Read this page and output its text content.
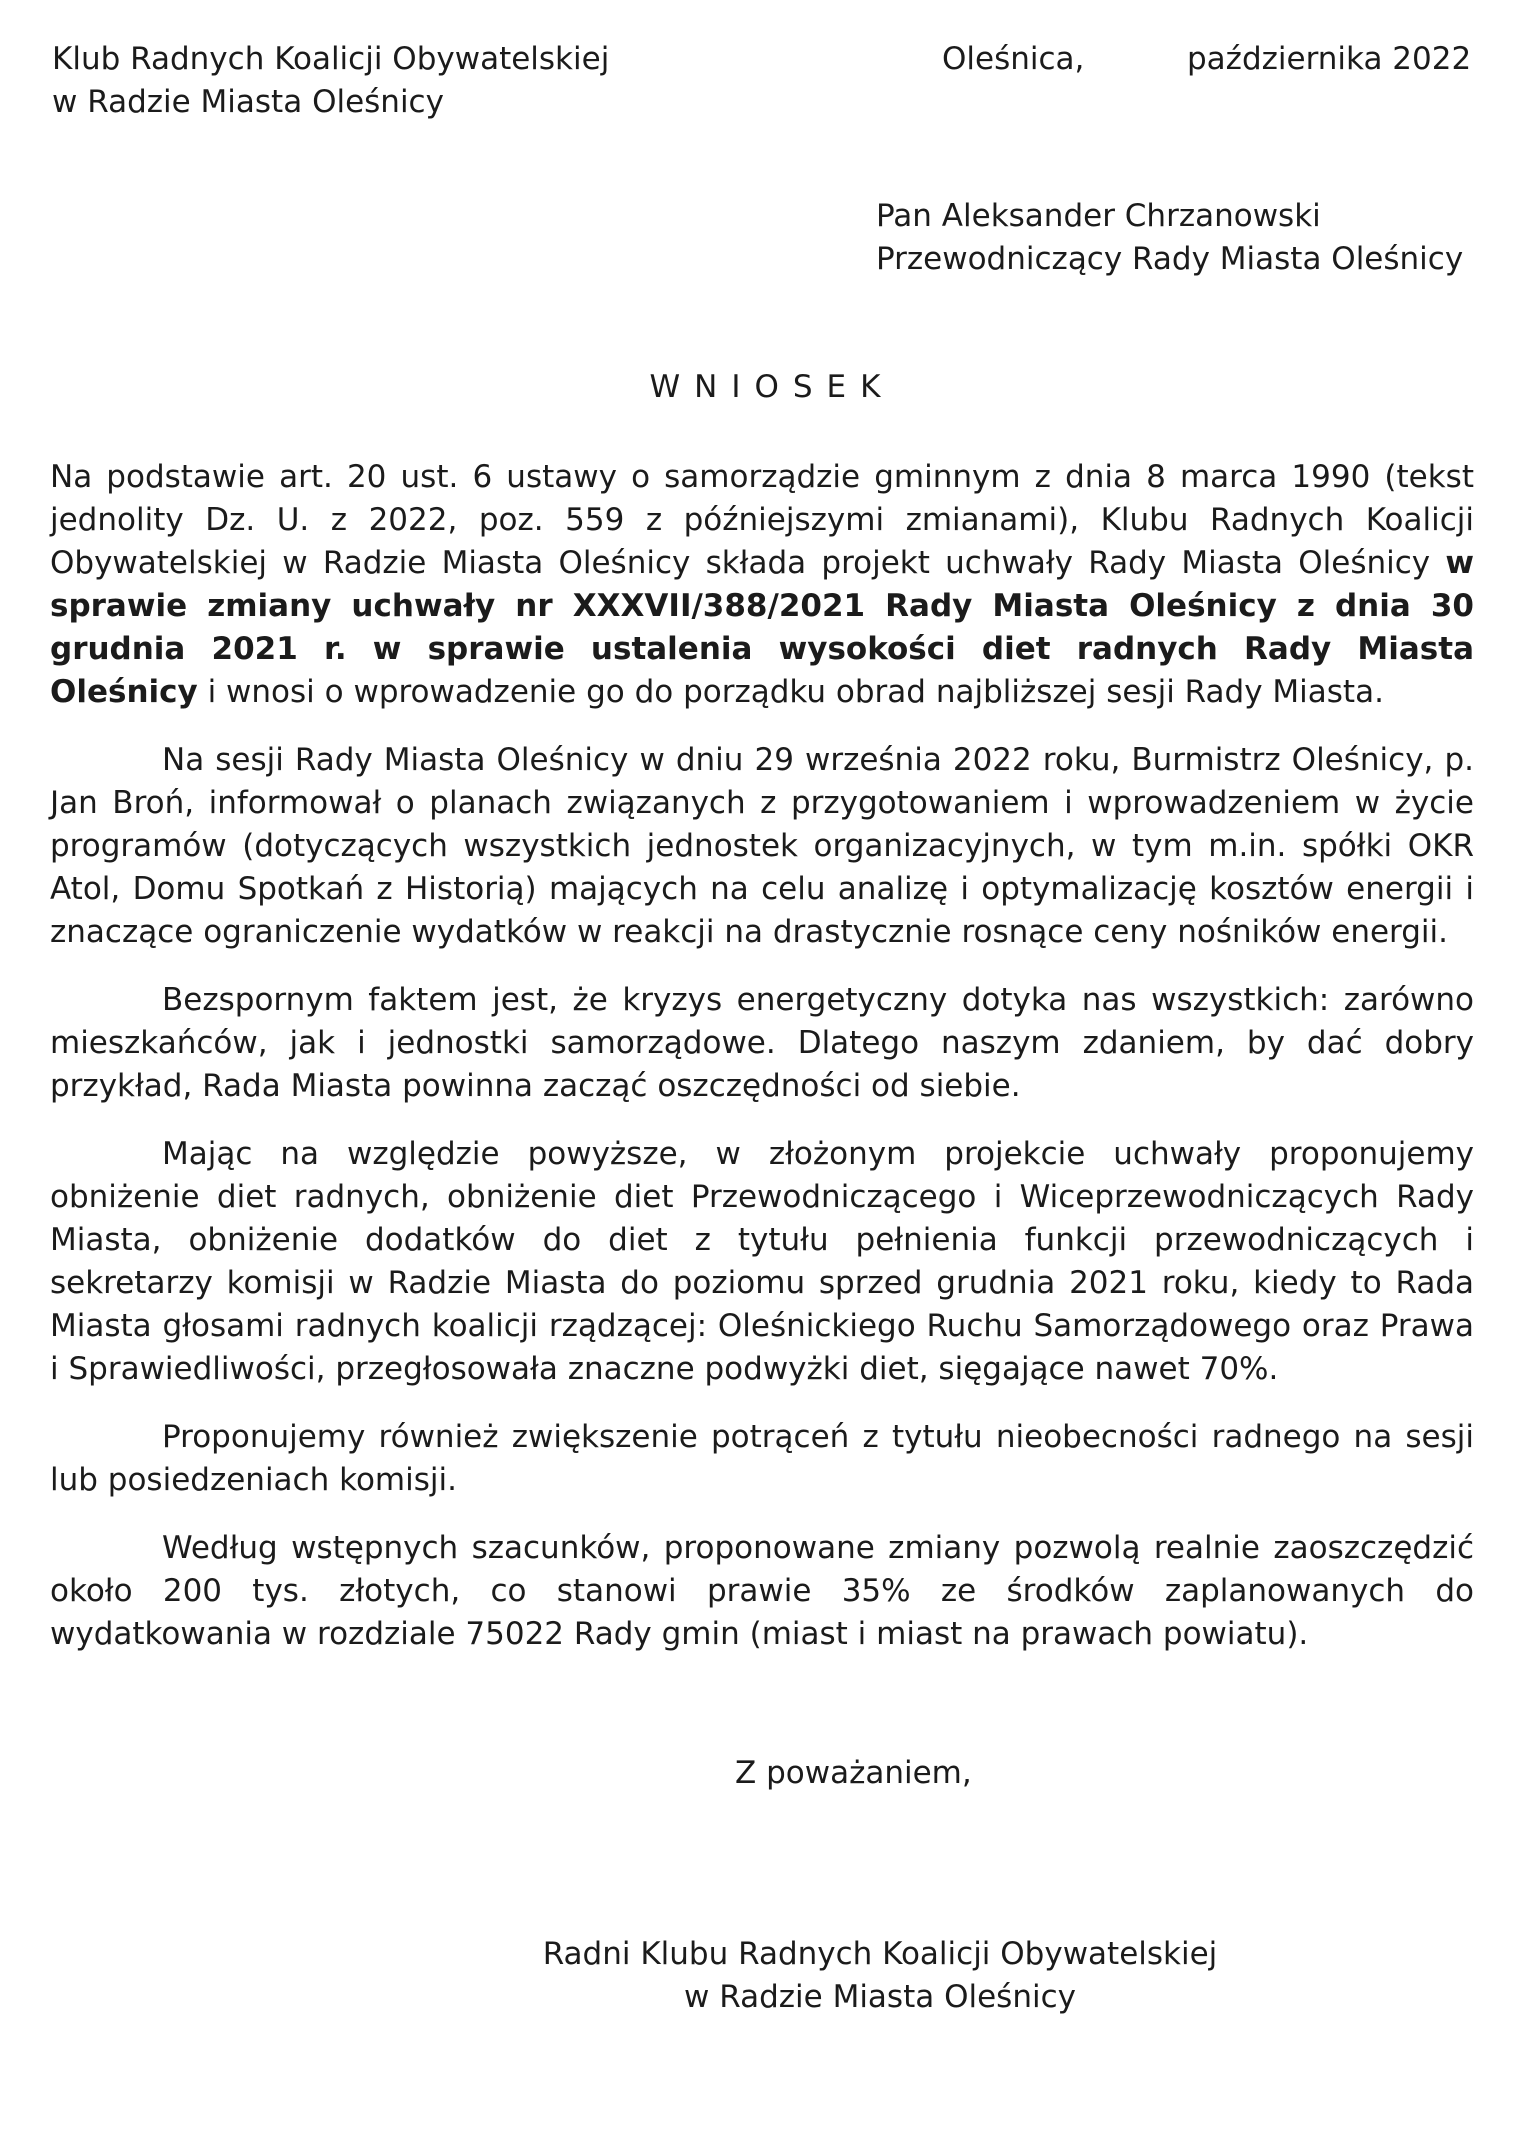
Klub Radnych Koalicji Obywatelskiej
w Radzie Miasta Oleśnicy
Oleśnica,	października 2022
Pan Aleksander Chrzanowski
Przewodniczący Rady Miasta Oleśnicy
WNIOSEK

Na podstawie art. 20 ust. 6 ustawy o samorządzie gminnym z dnia 8 marca 1990 (tekst jednolity Dz. U. z 2022, poz. 559 z późniejszymi zmianami), Klubu Radnych Koalicji Obywatelskiej w Radzie Miasta Oleśnicy składa projekt uchwały Rady Miasta Oleśnicy w sprawie zmiany uchwały nr XXXVII/388/2021 Rady Miasta Oleśnicy z dnia 30 grudnia 2021 r. w sprawie ustalenia wysokości diet radnych Rady Miasta Oleśnicy i wnosi o wprowadzenie go do porządku obrad najbliższej sesji Rady Miasta.

Na sesji Rady Miasta Oleśnicy w dniu 29 września 2022 roku, Burmistrz Oleśnicy, p. Jan Broń, informował o planach związanych z przygotowaniem i wprowadzeniem w życie programów (dotyczących wszystkich jednostek organizacyjnych, w tym m.in. spółki OKR Atol, Domu Spotkań z Historią) mających na celu analizę i optymalizację kosztów energii i znaczące ograniczenie wydatków w reakcji na drastycznie rosnące ceny nośników energii.

Bezspornym faktem jest, że kryzys energetyczny dotyka nas wszystkich: zarówno mieszkańców, jak i jednostki samorządowe. Dlatego naszym zdaniem, by dać dobry przykład, Rada Miasta powinna zacząć oszczędności od siebie.

Mając na względzie powyższe, w złożonym projekcie uchwały proponujemy obniżenie diet radnych, obniżenie diet Przewodniczącego i Wiceprzewodniczących Rady Miasta, obniżenie dodatków do diet z tytułu pełnienia funkcji przewodniczących i sekretarzy komisji w Radzie Miasta do poziomu sprzed grudnia 2021 roku, kiedy to Rada Miasta głosami radnych koalicji rządzącej: Oleśnickiego Ruchu Samorządowego oraz Prawa i Sprawiedliwości, przegłosowała znaczne podwyżki diet, sięgające nawet 70%.

Proponujemy również zwiększenie potrąceń z tytułu nieobecności radnego na sesji lub posiedzeniach komisji.

Według wstępnych szacunków, proponowane zmiany pozwolą realnie zaoszczędzić około 200 tys. złotych, co stanowi prawie 35% ze środków zaplanowanych do wydatkowania w rozdziale 75022 Rady gmin (miast i miast na prawach powiatu).

Z poważaniem,
Radni Klubu Radnych Koalicji Obywatelskiej
w Radzie Miasta Oleśnicy
